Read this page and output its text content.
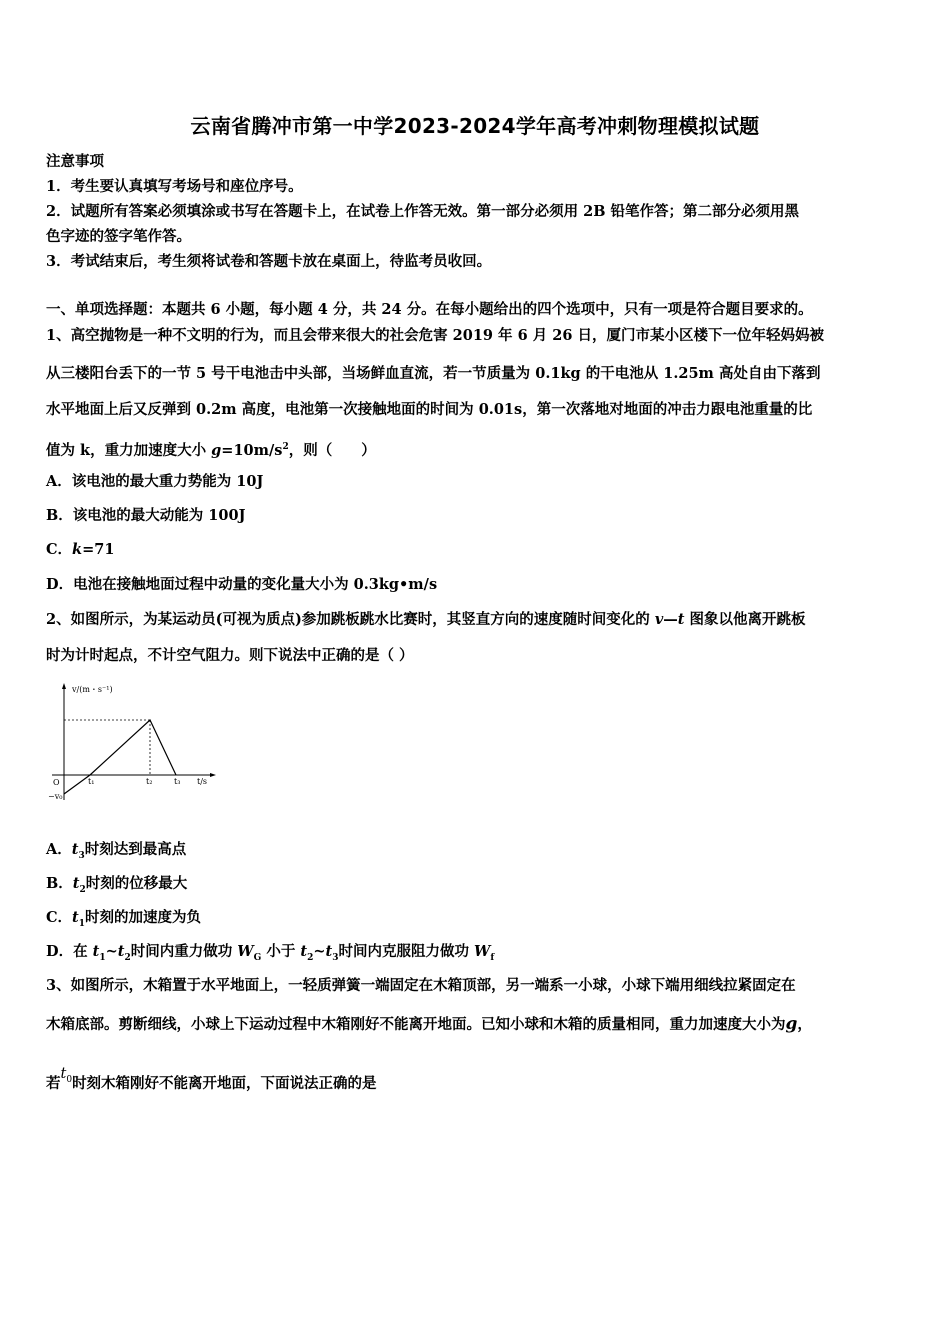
云南省腾冲市第一中学2023-2024学年高考冲刺物理模拟试题
注意事项
1．考生要认真填写考场号和座位序号。
2．试题所有答案必须填涂或书写在答题卡上，在试卷上作答无效。第一部分必须用 2B 铅笔作答；第二部分必须用黑
色字迹的签字笔作答。
3．考试结束后，考生须将试卷和答题卡放在桌面上，待监考员收回。
一、单项选择题：本题共 6 小题，每小题 4 分，共 24 分。在每小题给出的四个选项中，只有一项是符合题目要求的。
1、高空抛物是一种不文明的行为，而且会带来很大的社会危害 2019 年 6 月 26 日，厦门市某小区楼下一位年轻妈妈被
从三楼阳台丢下的一节 5 号干电池击中头部，当场鲜血直流，若一节质量为 0.1kg 的干电池从 1.25m 高处自由下落到
水平地面上后又反弹到 0.2m 高度，电池第一次接触地面的时间为 0.01s，第一次落地对地面的冲击力跟电池重量的比
值为 k，重力加速度大小 $g=10m/s^2$，则（　　）
A．该电池的最大重力势能为 10J
B．该电池的最大动能为 100J
C．k=71
D．电池在接触地面过程中动量的变化量大小为 0.3kg•m/s
2、如图所示，为某运动员(可视为质点)参加跳板跳水比赛时，其竖直方向的速度随时间变化的 v—t 图象以他离开跳板
时为计时起点，不计空气阻力。则下说法中正确的是（ ）
v/(m・s⁻¹)
O
−v₀
t₁	t₂	t₃ t/s
A．$t_3$时刻达到最高点
B．$t_2$时刻的位移最大
C．$t_1$时刻的加速度为负
D．在 $t_1\sim t_2$时间内重力做功 $W_G$ 小于 $t_2\sim t_3$时间内克服阻力做功 $W_f$
3、如图所示，木箱置于水平地面上，一轻质弹簧一端固定在木箱顶部，另一端系一小球，小球下端用细线拉紧固定在
木箱底部。剪断细线，小球上下运动过程中木箱刚好不能离开地面。已知小球和木箱的质量相同，重力加速度大小为g，
若$t_0$时刻木箱刚好不能离开地面，下面说法正确的是
